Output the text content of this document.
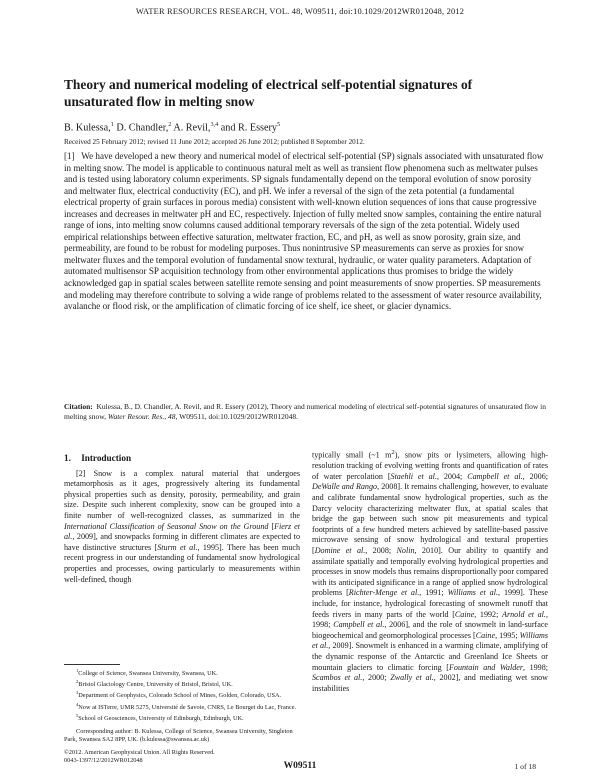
WATER RESOURCES RESEARCH, VOL. 48, W09511, doi:10.1029/2012WR012048, 2012
Theory and numerical modeling of electrical self-potential signatures of unsaturated flow in melting snow
B. Kulessa,$^1$ D. Chandler,$^2$ A. Revil,$^{3,4}$ and R. Essery$^5$
Received 25 February 2012; revised 11 June 2012; accepted 26 June 2012; published 8 September 2012.
[1] We have developed a new theory and numerical model of electrical self-potential (SP) signals associated with unsaturated flow in melting snow. The model is applicable to continuous natural melt as well as transient flow phenomena such as meltwater pulses and is tested using laboratory column experiments. SP signals fundamentally depend on the temporal evolution of snow porosity and meltwater flux, electrical conductivity (EC), and pH. We infer a reversal of the sign of the zeta potential (a fundamental electrical property of grain surfaces in porous media) consistent with well-known elution sequences of ions that cause progressive increases and decreases in meltwater pH and EC, respectively. Injection of fully melted snow samples, containing the entire natural range of ions, into melting snow columns caused additional temporary reversals of the sign of the zeta potential. Widely used empirical relationships between effective saturation, meltwater fraction, EC, and pH, as well as snow porosity, grain size, and permeability, are found to be robust for modeling purposes. Thus nonintrusive SP measurements can serve as proxies for snow meltwater fluxes and the temporal evolution of fundamental snow textural, hydraulic, or water quality parameters. Adaptation of automated multisensor SP acquisition technology from other environmental applications thus promises to bridge the widely acknowledged gap in spatial scales between satellite remote sensing and point measurements of snow properties. SP measurements and modeling may therefore contribute to solving a wide range of problems related to the assessment of water resource availability, avalanche or flood risk, or the amplification of climatic forcing of ice shelf, ice sheet, or glacier dynamics.
Citation: Kulessa, B., D. Chandler, A. Revil, and R. Essery (2012), Theory and numerical modeling of electrical self-potential signatures of unsaturated flow in melting snow, Water Resour. Res., 48, W09511, doi:10.1029/2012WR012048.
1. Introduction

[2] Snow is a complex natural material that undergoes metamorphosis as it ages, progressively altering its fundamental physical properties such as density, porosity, permeability, and grain size. Despite such inherent complexity, snow can be grouped into a finite number of well-recognized classes, as summarized in the International Classification of Seasonal Snow on the Ground [Fierz et al., 2009], and snowpacks forming in different climates are expected to have distinctive structures [Sturm et al., 1995]. There has been much recent progress in our understanding of fundamental snow hydrological properties and processes, owing particularly to measurements within well-defined, though

$^1$College of Science, Swansea University, Swansea, UK.

$^2$Bristol Glaciology Centre, University of Bristol, Bristol, UK.

$^3$Department of Geophysics, Colorado School of Mines, Golden, Colorado, USA.

$^4$Now at ISTerre, UMR 5275, Université de Savoie, CNRS, Le Bourget du Lac, France.

$^5$School of Geosciences, University of Edinburgh, Edinburgh, UK.

Corresponding author: B. Kulessa, College of Science, Swansea University, Singleton Park, Swansea SA2 8PP, UK. (b.kulessa@swansea.ac.uk)

©2012. American Geophysical Union. All Rights Reserved.

0043-1397/12/2012WR012048

typically small (~1 $m^2$), snow pits or lysimeters, allowing high-resolution tracking of evolving wetting fronts and quantification of rates of water percolation [Staehli et al., 2004; Campbell et al., 2006; DeWalle and Rango, 2008]. It remains challenging, however, to evaluate and calibrate fundamental snow hydrological properties, such as the Darcy velocity characterizing meltwater flux, at spatial scales that bridge the gap between such snow pit measurements and typical footprints of a few hundred meters achieved by satellite-based passive microwave sensing of snow hydrological and textural properties [Domine et al., 2008; Nolin, 2010]. Our ability to quantify and assimilate spatially and temporally evolving hydrological properties and processes in snow models thus remains disproportionally poor compared with its anticipated significance in a range of applied snow hydrological problems [Richter-Menge et al., 1991; Williams et al., 1999]. These include, for instance, hydrological forecasting of snowmelt runoff that feeds rivers in many parts of the world [Caine, 1992; Arnold et al., 1998; Campbell et al., 2006], and the role of snowmelt in land-surface biogeochemical and geomorphological processes [Caine, 1995; Williams et al., 2009]. Snowmelt is enhanced in a warming climate, amplifying of the dynamic response of the Antarctic and Greenland Ice Sheets or mountain glaciers to climatic forcing [Fountain and Walder, 1998; Scambos et al., 2000; Zwally et al., 2002], and mediating wet snow instabilities

W09511	1 of 18
